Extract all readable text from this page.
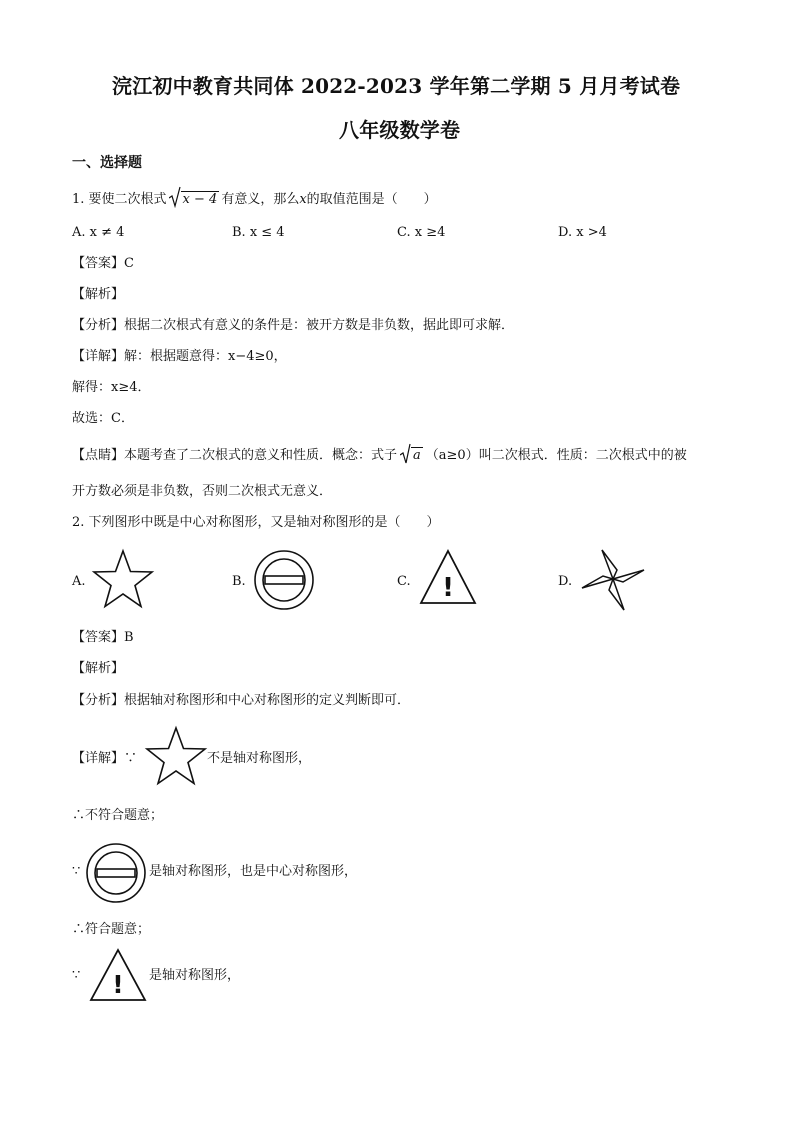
浣江初中教育共同体 2022-2023 学年第二学期 5 月月考试卷
八年级数学卷
一、选择题
1. 要使二次根式 x − 4 有意义，那么x的取值范围是（　　）
A. x ≠ 4	B. x ≤ 4	C. x ≥4	D. x >4
【答案】C
【解析】
【分析】根据二次根式有意义的条件是：被开方数是非负数，据此即可求解．
【详解】解：根据题意得：x−4≥0，
解得：x≥4．
故选：C．
【点睛】本题考查了二次根式的意义和性质．概念：式子 a （a≥0）叫二次根式．性质：二次根式中的被
开方数必须是非负数，否则二次根式无意义．
2. 下列图形中既是中心对称图形，又是轴对称图形的是（　　）
A.	B.	C. !	D.
【答案】B
【解析】
【分析】根据轴对称图形和中心对称图形的定义判断即可．
【详解】∵	不是轴对称图形，
∴不符合题意；
∵	是轴对称图形，也是中心对称图形，
∴符合题意；
∵ ! 是轴对称图形，
